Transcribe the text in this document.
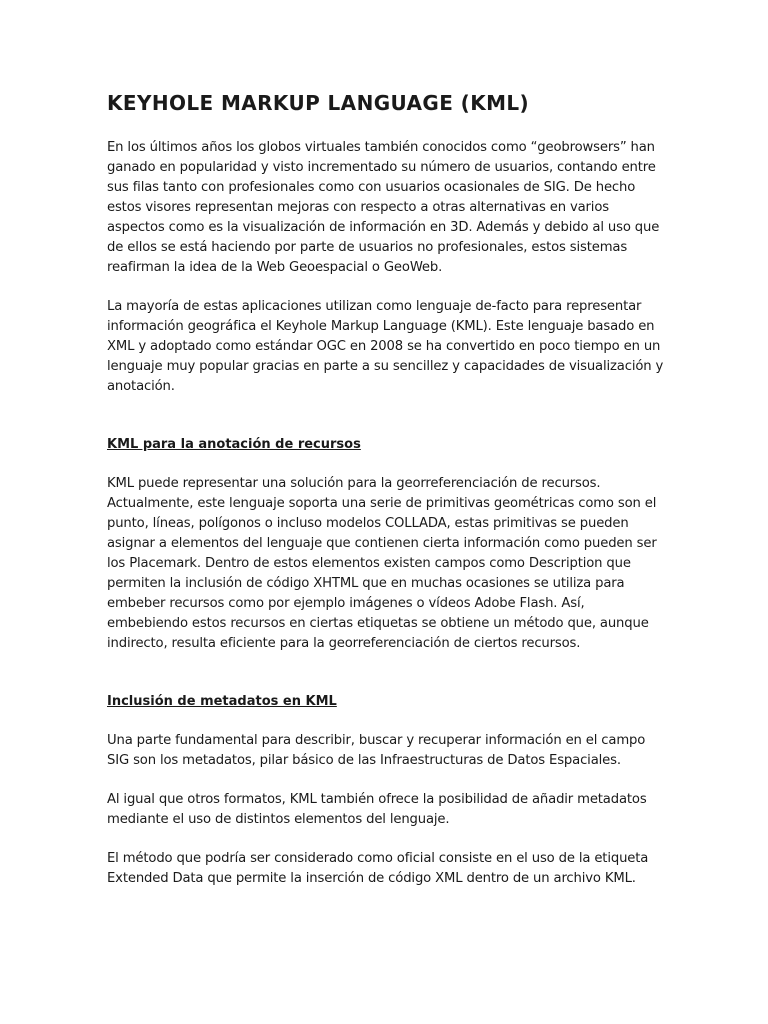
KEYHOLE MARKUP LANGUAGE (KML)

En los últimos años los globos virtuales también conocidos como “geobrowsers” han ganado en popularidad y visto incrementado su número de usuarios, contando entre sus filas tanto con profesionales como con usuarios ocasionales de SIG. De hecho estos visores representan mejoras con respecto a otras alternativas en varios aspectos como es la visualización de información en 3D. Además y debido al uso que de ellos se está haciendo por parte de usuarios no profesionales, estos sistemas reafirman la idea de la Web Geoespacial o GeoWeb.

La mayoría de estas aplicaciones utilizan como lenguaje de-facto para representar información geográfica el Keyhole Markup Language (KML). Este lenguaje basado en XML y adoptado como estándar OGC en 2008 se ha convertido en poco tiempo en un lenguaje muy popular gracias en parte a su sencillez y capacidades de visualización y anotación.

KML para la anotación de recursos

KML puede representar una solución para la georreferenciación de recursos. Actualmente, este lenguaje soporta una serie de primitivas geométricas como son el punto, líneas, polígonos o incluso modelos COLLADA, estas primitivas se pueden asignar a elementos del lenguaje que contienen cierta información como pueden ser los Placemark. Dentro de estos elementos existen campos como Description que permiten la inclusión de código XHTML que en muchas ocasiones se utiliza para embeber recursos como por ejemplo imágenes o vídeos Adobe Flash. Así, embebiendo estos recursos en ciertas etiquetas se obtiene un método que, aunque indirecto, resulta eficiente para la georreferenciación de ciertos recursos.

Inclusión de metadatos en KML

Una parte fundamental para describir, buscar y recuperar información en el campo SIG son los metadatos, pilar básico de las Infraestructuras de Datos Espaciales.

Al igual que otros formatos, KML también ofrece la posibilidad de añadir metadatos mediante el uso de distintos elementos del lenguaje.

El método que podría ser considerado como oficial consiste en el uso de la etiqueta Extended Data que permite la inserción de código XML dentro de un archivo KML.
